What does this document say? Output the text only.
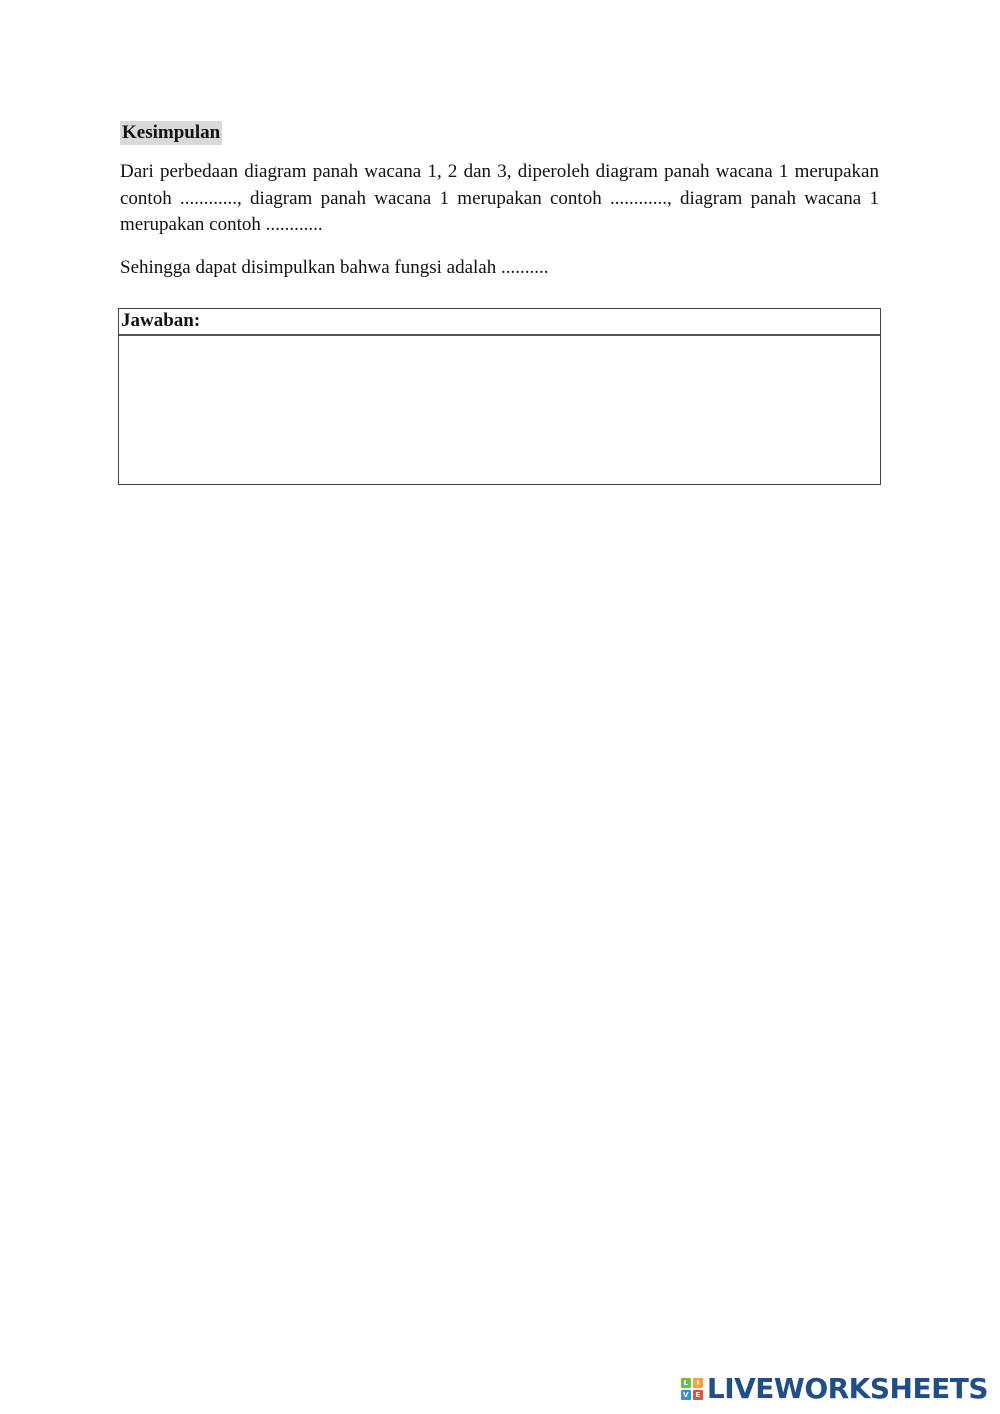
Kesimpulan

Dari perbedaan diagram panah wacana 1, 2 dan 3, diperoleh diagram panah wacana 1 merupakan contoh ............, diagram panah wacana 1 merupakan contoh ............, diagram panah wacana 1 merupakan contoh ............

Sehingga dapat disimpulkan bahwa fungsi adalah ..........

Jawaban:
L	I
V E LIVEWORKSHEETS
